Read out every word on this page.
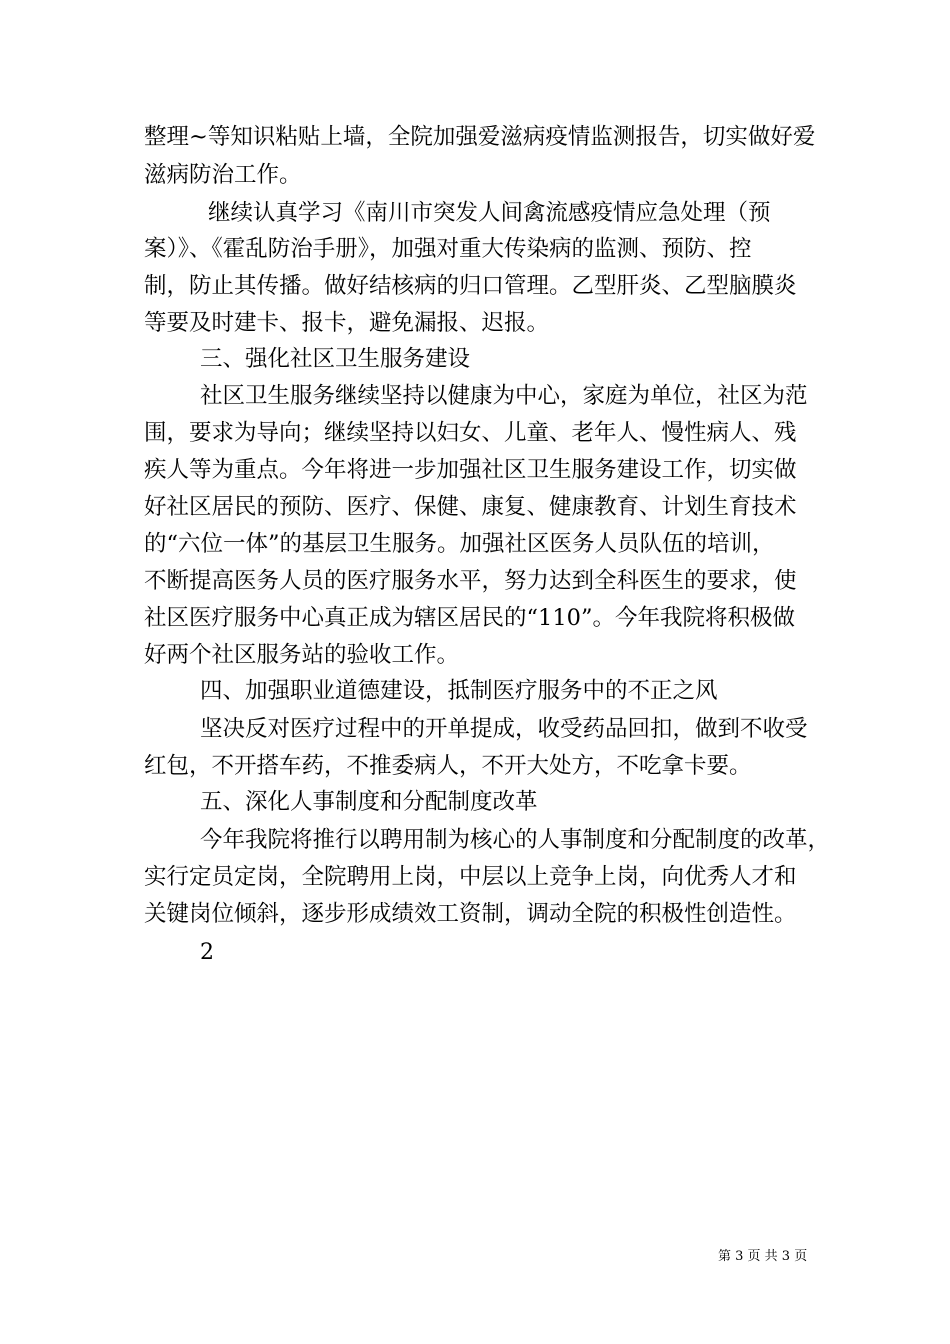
整理~等知识粘贴上墙，全院加强爱滋病疫情监测报告，切实做好爱
滋病防治工作。
继续认真学习《南川市突发人间禽流感疫情应急处理（预
案）》、《霍乱防治手册》，加强对重大传染病的监测、预防、控
制，防止其传播。做好结核病的归口管理。乙型肝炎、乙型脑膜炎
等要及时建卡、报卡，避免漏报、迟报。
三、强化社区卫生服务建设
社区卫生服务继续坚持以健康为中心，家庭为单位，社区为范
围，要求为导向；继续坚持以妇女、儿童、老年人、慢性病人、残
疾人等为重点。今年将进一步加强社区卫生服务建设工作，切实做
好社区居民的预防、医疗、保健、康复、健康教育、计划生育技术
的“六位一体”的基层卫生服务。加强社区医务人员队伍的培训，
不断提高医务人员的医疗服务水平，努力达到全科医生的要求，使
社区医疗服务中心真正成为辖区居民的“110”。今年我院将积极做
好两个社区服务站的验收工作。
四、加强职业道德建设，抵制医疗服务中的不正之风
坚决反对医疗过程中的开单提成，收受药品回扣，做到不收受
红包，不开搭车药，不推委病人，不开大处方，不吃拿卡要。
五、深化人事制度和分配制度改革
今年我院将推行以聘用制为核心的人事制度和分配制度的改革，
实行定员定岗，全院聘用上岗，中层以上竞争上岗，向优秀人才和
关键岗位倾斜，逐步形成绩效工资制，调动全院的积极性创造性。
2
第 3 页 共 3 页
